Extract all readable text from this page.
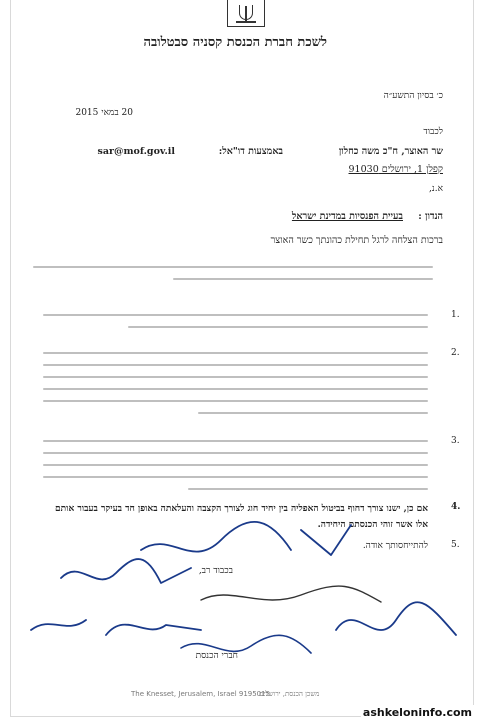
לשכת חברת הכנסת קסניה סבטלובה
כ׳ בסיון התשע״ה
20 במאי 2015
לכבוד
שר האוצר, ח"כ משה כחלון
באמצעות דו"אל:
sar@mof.gov.il
קפלן 1, ירושלים 91030
א.נ,
הנדון :
בעיית הפנסיות במדינת ישראל
ברכות הצלחה לרגל תחילת כהונתך כשר האוצר
1.
2.
3.
4.
אם כן, ישנו צורך דחוף בביטול האפליה בין יחיד חוג לצורך הקצבה והעלאתה באופן חד בעיקר בעבור אותם אלו אשר זוהי הכנסתם היחידה.
5.
להתייחסותך אודה.
בכבוד רב,
חברי הכנסת
The Knesset, Jerusalem, Israel 9195015
משכן הכנסת, ירושלים
ashkeloninfo.com
